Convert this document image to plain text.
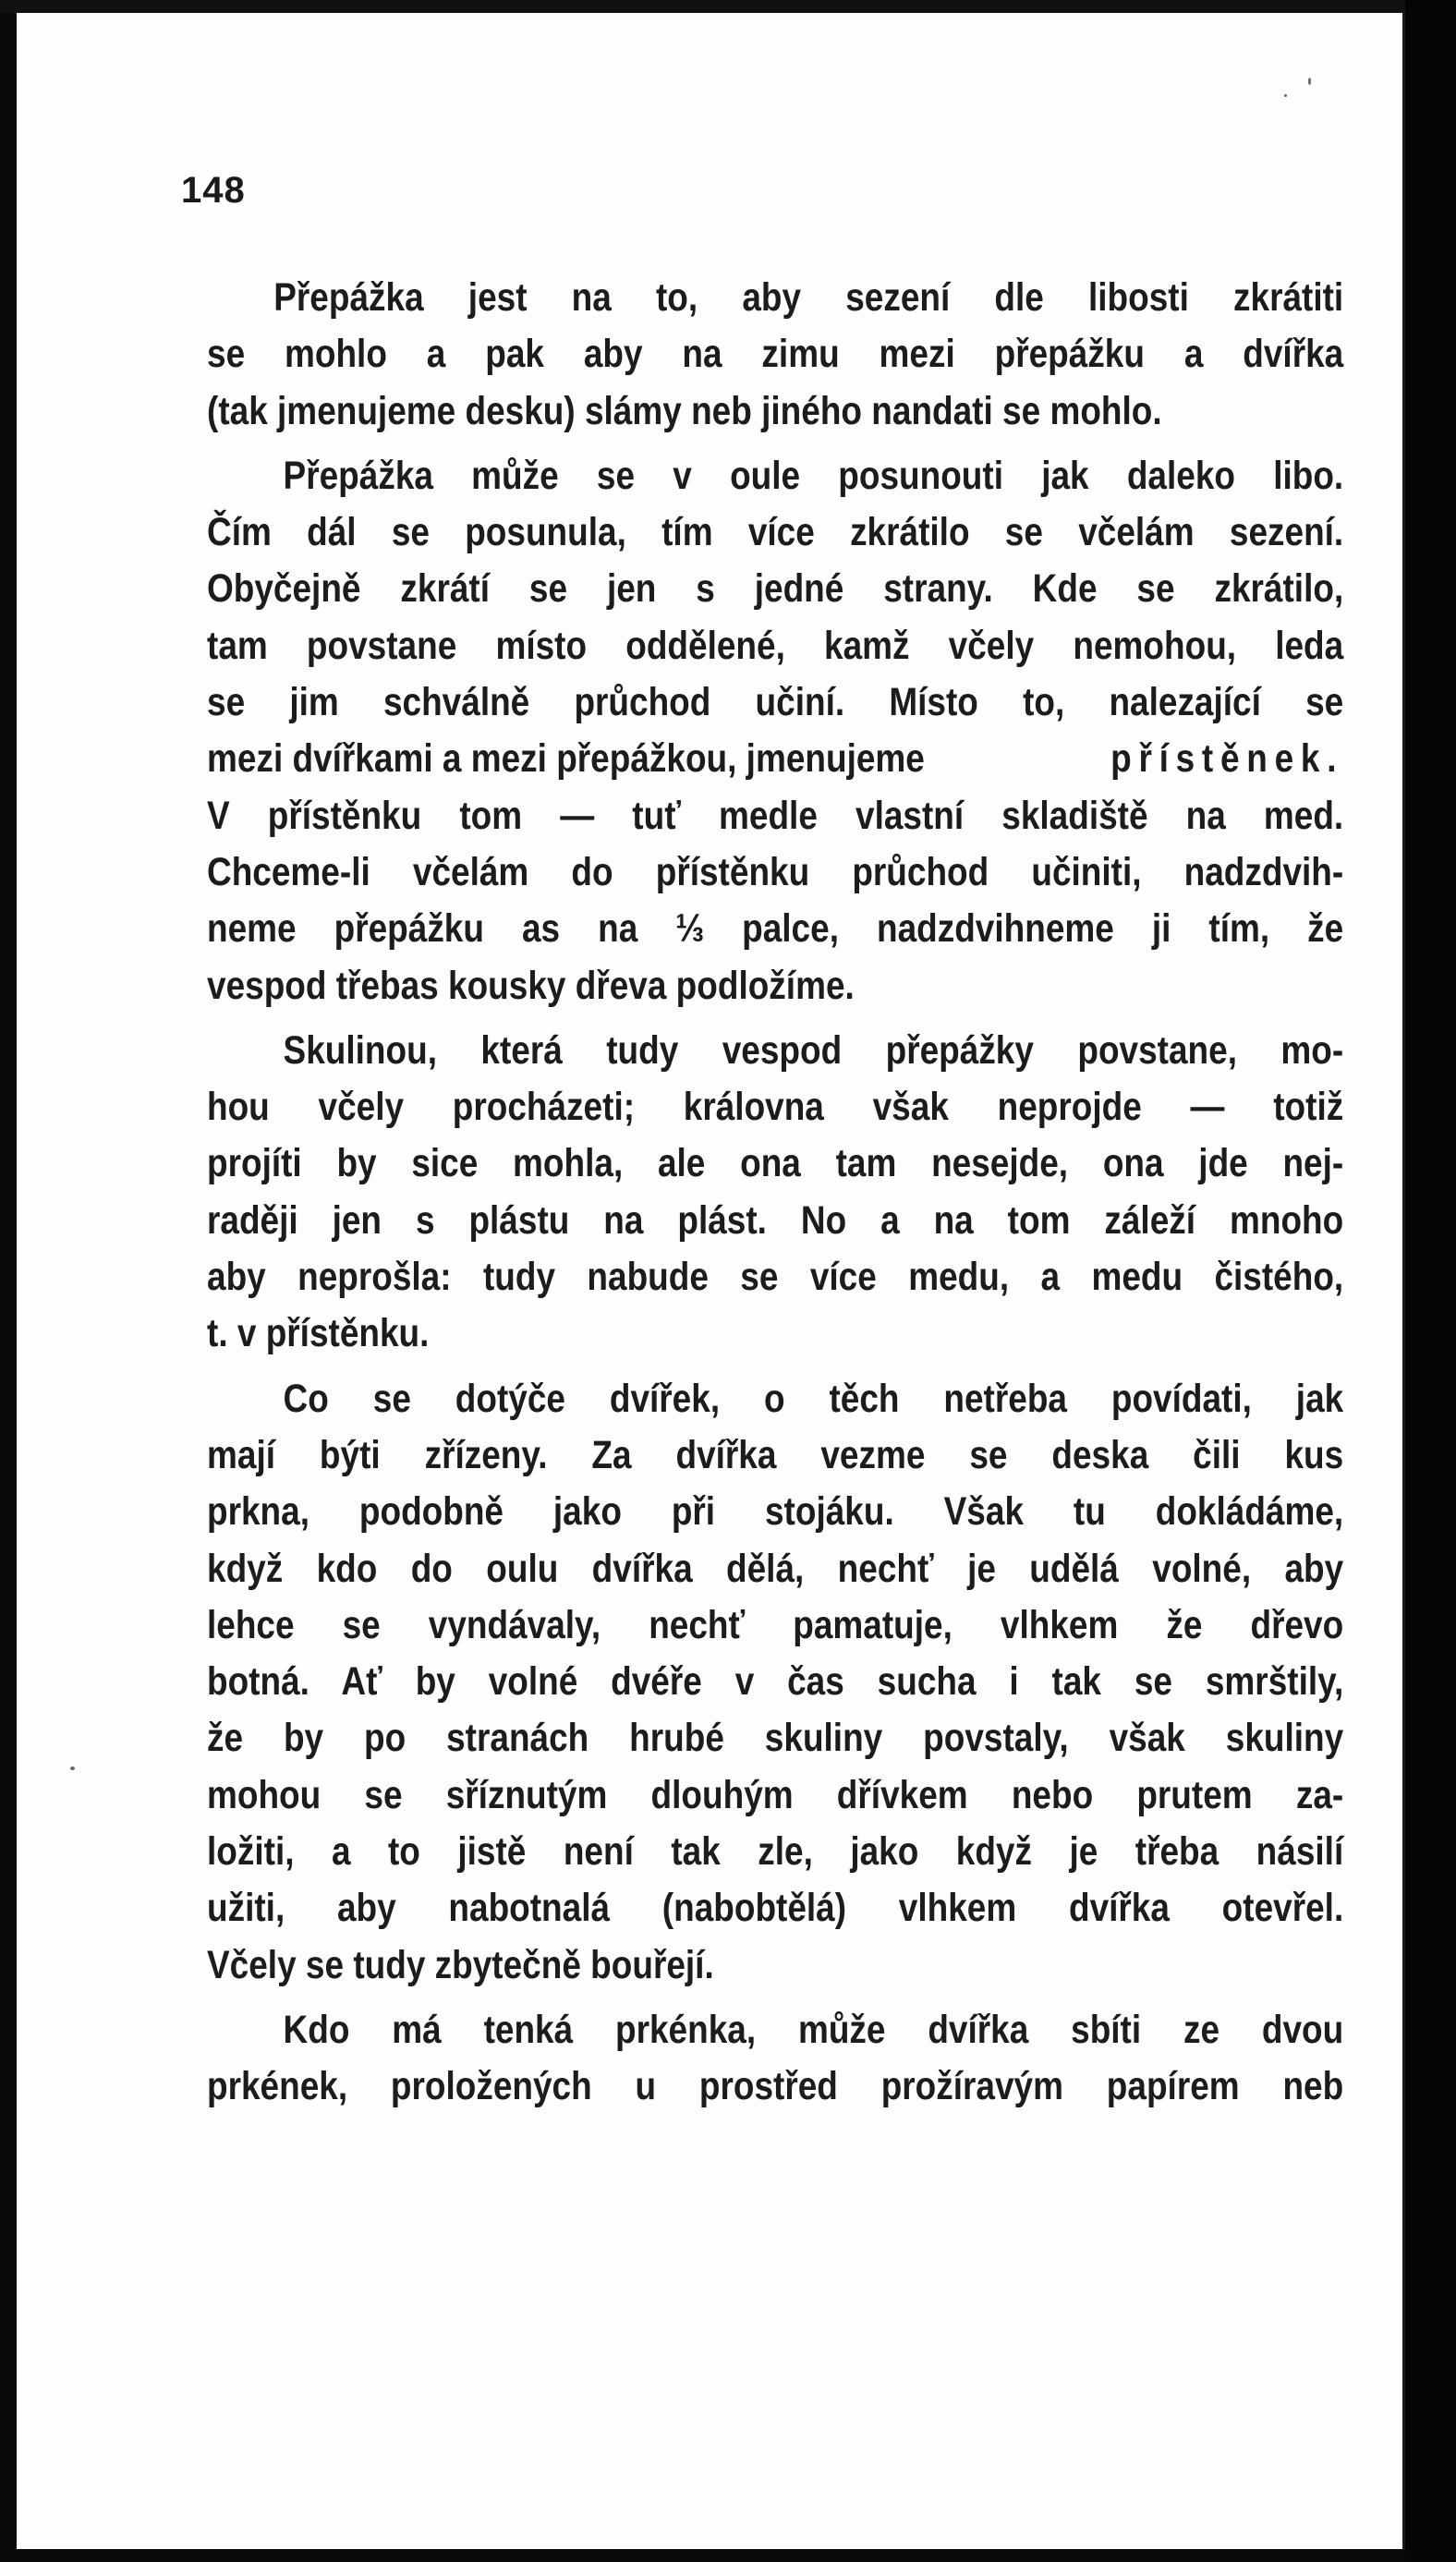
148
Přepážka jest na to, aby sezení dle libosti zkrátiti
se mohlo a pak aby na zimu mezi přepážku a dvířka
(tak jmenujeme desku) slámy neb jiného nandati se mohlo.
Přepážka může se v oule posunouti jak daleko libo.
Čím dál se posunula, tím více zkrátilo se včelám sezení.
Obyčejně zkrátí se jen s jedné strany. Kde se zkrátilo,
tam povstane místo oddělené, kamž včely nemohou, leda
se jim schválně průchod učiní. Místo to, nalezající se
mezi dvířkami a mezi přepážkou, jmenujeme	přístěnek.
V přístěnku tom — tuť medle vlastní skladiště na med.
Chceme-li včelám do přístěnku průchod učiniti, nadzdvih-
neme přepážku as na ⅓ palce, nadzdvihneme ji tím, že
vespod třebas kousky dřeva podložíme.
Skulinou, která tudy vespod přepážky povstane, mo-
hou včely procházeti; královna však neprojde — totiž
projíti by sice mohla, ale ona tam nesejde, ona jde nej-
raději jen s plástu na plást. No a na tom záleží mnoho
aby neprošla: tudy nabude se více medu, a medu čistého,
t. v přístěnku.
Co se dotýče dvířek, o těch netřeba povídati, jak
mají býti zřízeny. Za dvířka vezme se deska čili kus
prkna, podobně jako při stojáku. Však tu dokládáme,
když kdo do oulu dvířka dělá, nechť je udělá volné, aby
lehce se vyndávaly, nechť pamatuje, vlhkem že dřevo
botná. Ať by volné dvéře v čas sucha i tak se smrštily,
že by po stranách hrubé skuliny povstaly, však skuliny
mohou se sříznutým dlouhým dřívkem nebo prutem za-
ložiti, a to jistě není tak zle, jako když je třeba násilí
užiti, aby nabotnalá (nabobtělá) vlhkem dvířka otevřel.
Včely se tudy zbytečně bouřejí.
Kdo má tenká prkénka, může dvířka sbíti ze dvou
prkének, proložených u prostřed prožíravým papírem neb
